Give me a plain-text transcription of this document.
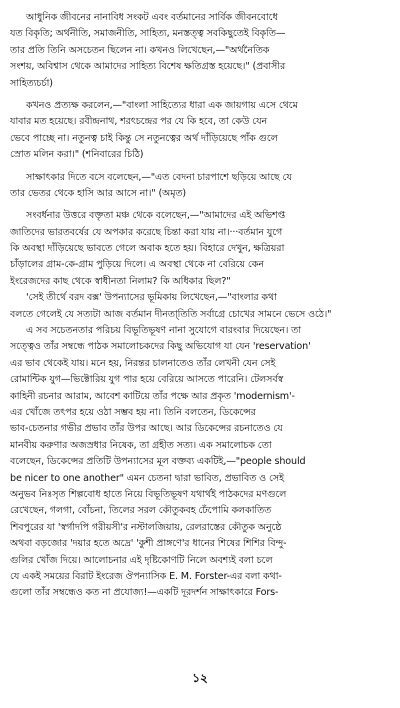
আধুনিক জীবনের নানাবিধ সংকট এবং বর্তমানের সার্বিক জীবনবোধে
যত বিকৃতি; অর্থনীতি, সমাজনীতি, সাহিত্য, মনস্তত্ত্ব সবকিছুতেই বিকৃতি—
তার প্রতি তিনি অসচেতন ছিলেন না। কখনও লিখেছেন,—"অর্থনৈতিক
সংশয়, অবিশ্বাস থেকে আমাদের সাহিত্য বিশেষ ক্ষতিগ্রস্ত হয়েছে।" (প্রবাসীর
সাহিত্যচর্চা)
কখনও প্রত্যক্ষ করলেন,—"বাংলা সাহিত্যের ধারা এক জায়গায় এসে থেমে
যাবার মত হয়েছে। রবীন্দ্রনাথ, শরৎচন্দ্রের পর যে কি হবে, তা কেউ যেন
ভেবে পাচ্ছে না। নতুনত্ব চাই কিন্তু সে নতুনত্বের অর্থ দাঁড়িয়েছে পাঁক গুলে
স্রোত মলিন করা।" (শনিবারের চিঠি)
সাক্ষাৎকার দিতে বসে বলেছেন,—"এত বেদনা চারপাশে ছড়িয়ে আছে যে
তার ভেতর থেকে হাসি আর আসে না।" (অমৃত)
সংবর্ধনার উত্তরে বক্তৃতা মঞ্চ থেকে বলেছেন,—"আমাদের এই অভিশপ্ত
জাতিদের ভারতবর্ষের যে অপকার করেছে চিন্তা করা যায় না।···বর্তমান যুগে
কি অবস্থা দাঁড়িয়েছে ভাবতে গেলে অবাক হতে হয়। বিহারে দেখুন, ক্ষত্রিয়রা
চাঁড়ালের গ্রাম-কে-গ্রাম পুড়িয়ে দিলে। এ অবস্থা থেকে না বেরিয়ে কেন
ইংরেজদের কাছ থেকে স্বাধীনতা নিলাম? কি অধিকার ছিল?"
'সেই তীর্থে বরদ বক্স' উপন্যাসের ভূমিকায় লিখেছেন,—"বাংলার কথা
বলতে গেলেই যে সত্যটা আজ বর্তমান দীনতা্তিতি সর্বাগ্রে চোখের সামনে ভেসে ওঠে।"
এ সব সচেতনতার পরিচয় বিভূতিভূষণ নানা সুযোগে বারংবার দিয়েছেন। তা
সত্ত্বেও তাঁর সম্বন্ধে পাঠক সমালোচকদের কিছু অভিযোগ যা যেন 'reservation'
এর ভাব থেকেই যায়। মনে হয়, নিরন্তর চালনাতেও তাঁর লেখনী যেন সেই
রোমান্টিক যুগ—ভিক্টোরিয় যুগ পার হয়ে বেরিয়ে আসতে পারেনি। টেলসর্বস্ব
কাহিনী রচনার আরাম, আবেশ কাটিয়ে তাঁর পক্ষে আর প্রকৃত 'modernism'-
এর খোঁজে তৎপর হয়ে ওঠা সম্ভব হয় না। তিনি বলতেন, ডিকেন্সের
ভাব-চেতনার গভীর প্রভাব তাঁর উপর আছে। আর ডিকেন্সের রচনাতেও যে
মানবীয় করুণার অজস্রধার নিষেক, তা গ্রহীত সত্য। এক সমালোচক তো
বলেছেন, ডিকেন্সের প্রতিটি উপন্যাসের মূল বক্তব্য একটিই,—"people should
be nicer to one another" এমন চেতনা দ্বারা ভাবিত, প্রভাবিত ও সেই
অনুভব নিঃসৃত শিল্পবোধ হাতে নিয়ে বিভূতিভূষণ যথার্থই পাঠকদের মণগুলে
রেখেছেন, গলগা, বোঁচনা, তিলের সরল কৌতুকবহ ঢেঁপোমি কলকাতিত
শিবপুরের যা 'স্বর্গাদপি গরীয়সী'র নস্টালজিয়ায়, রেলরাস্তের কৌতুক অনুষ্ঠে
অথবা বড়জোর 'দয়ার হতে অদ্রে' 'কুশী প্রাঙ্গণে'র ধানের শিষের শিশির বিন্দু-
গুলির খোঁজ দিয়ে। আলোচনার এই দৃষ্টিকোণটি নিলে অবশ্যই বলা চলে
যে একই সময়ের বিরাট ইংরেজ ঔপন্যাসিক E. M. Forster-এর বলা কথা-
গুলো তাঁর সম্বন্ধেও কত না প্রযোজ্য!—একটি দূরদর্শন সাক্ষাৎকারে Fors-
১২
